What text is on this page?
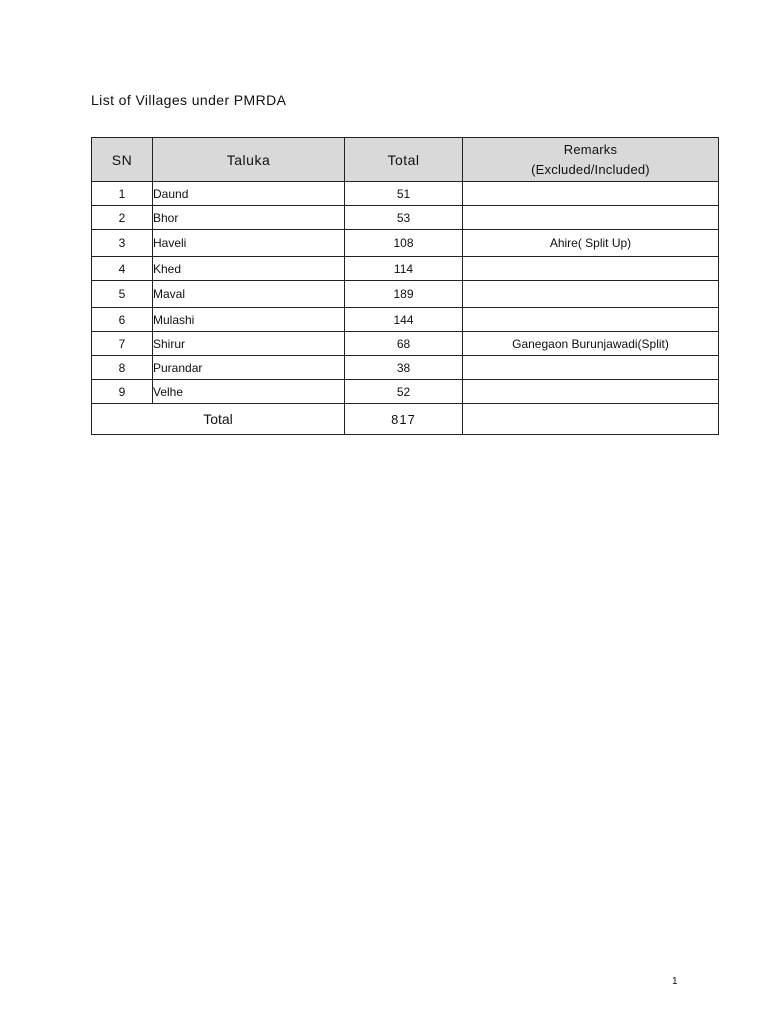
List of Villages under PMRDA
SN	Taluka	Total	Remarks
(Excluded/Included)

1	Daund	51	
2	Bhor	53	
3	Haveli	108	Ahire( Split Up)
4	Khed	114	
5	Maval	189	
6	Mulashi	144	
7	Shirur	68	Ganegaon Burunjawadi(Split)
8	Purandar	38	
9	Velhe	52	
Total		817	
1
